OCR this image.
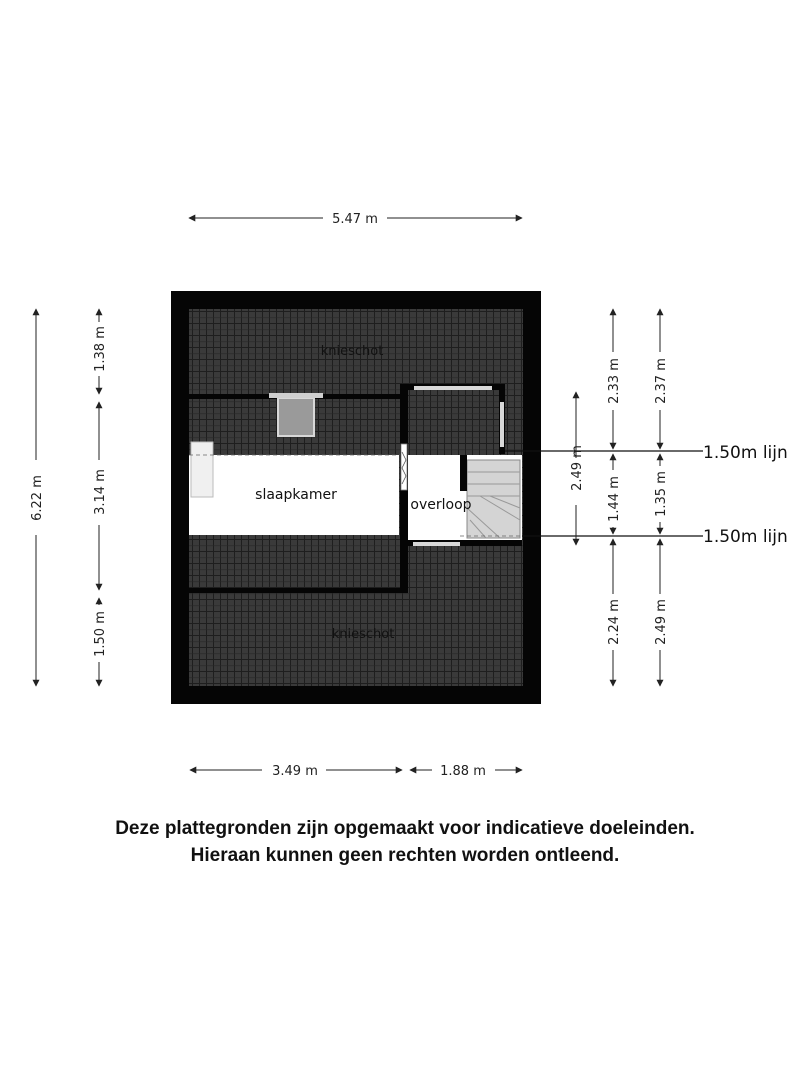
knieschot
knieschot
slaapkamer
overloop
5.47 m
3.49 m	1.88 m
6.22 m
1.38 m
3.14 m
1.50 m
1.50m lijn
1.50m lijn
2.49 m
2.33 m
1.44 m
2.24 m
2.37 m
1.35 m
2.49 m
Deze plattegronden zijn opgemaakt voor indicatieve doeleinden.
Hieraan kunnen geen rechten worden ontleend.
